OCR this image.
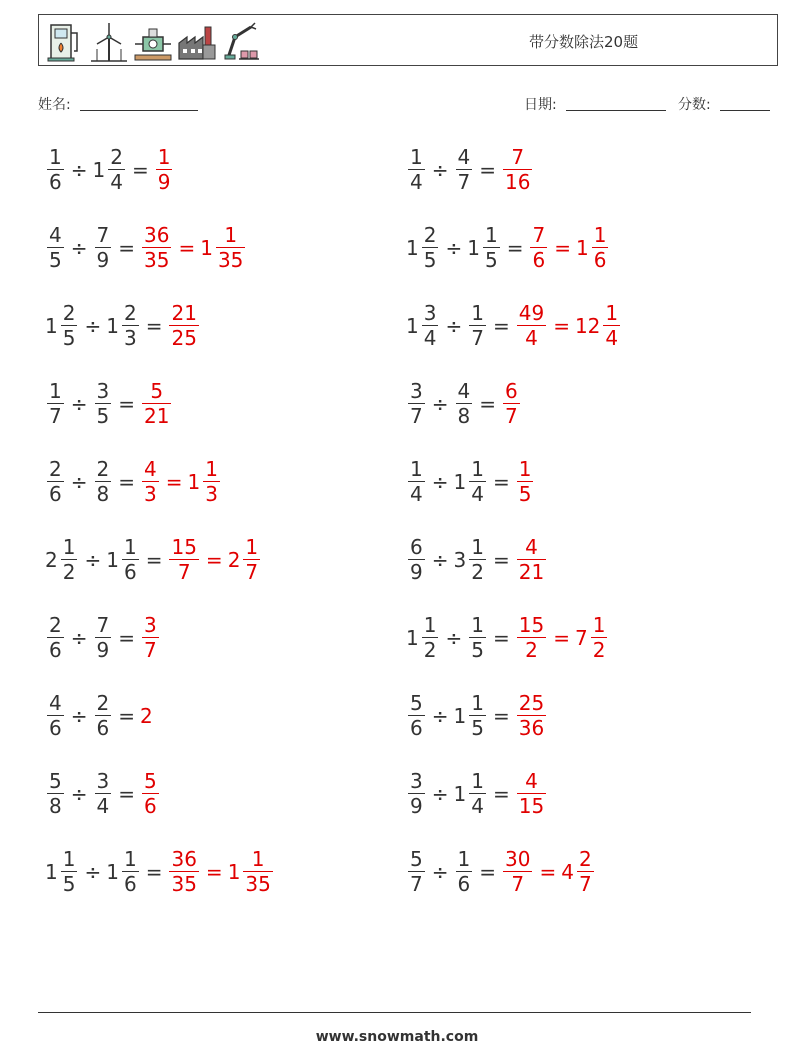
带分数除法20题
姓名:	日期:	分数:
$\frac{1}{6} \div 1 \frac{2}{4} = \frac{1}{9}$	$\frac{1}{4} \div \frac{4}{7} = \frac{7}{16}$
$\frac{4}{5} \div \frac{7}{9} = \frac{36}{35} = 1 \frac{1}{35}$	$1 \frac{2}{5} \div 1 \frac{1}{5} = \frac{7}{6} = 1 \frac{1}{6}$
$1 \frac{2}{5} \div 1 \frac{2}{3} = \frac{21}{25}$	$1 \frac{3}{4} \div \frac{1}{7} = \frac{49}{4} = 12 \frac{1}{4}$
$\frac{1}{7} \div \frac{3}{5} = \frac{5}{21}$	$\frac{3}{7} \div \frac{4}{8} = \frac{6}{7}$
$\frac{2}{6} \div \frac{2}{8} = \frac{4}{3} = 1 \frac{1}{3}$	$\frac{1}{4} \div 1 \frac{1}{4} = \frac{1}{5}$
$2 \frac{1}{2} \div 1 \frac{1}{6} = \frac{15}{7} = 2 \frac{1}{7}$	$\frac{6}{9} \div 3 \frac{1}{2} = \frac{4}{21}$
$\frac{2}{6} \div \frac{7}{9} = \frac{3}{7}$	$1 \frac{1}{2} \div \frac{1}{5} = \frac{15}{2} = 7 \frac{1}{2}$
$\frac{4}{6} \div \frac{2}{6} = 2$	$\frac{5}{6} \div 1 \frac{1}{5} = \frac{25}{36}$
$\frac{5}{8} \div \frac{3}{4} = \frac{5}{6}$	$\frac{3}{9} \div 1 \frac{1}{4} = \frac{4}{15}$
$1 \frac{1}{5} \div 1 \frac{1}{6} = \frac{36}{35} = 1 \frac{1}{35}$	$\frac{5}{7} \div \frac{1}{6} = \frac{30}{7} = 4 \frac{2}{7}$
www.snowmath.com
